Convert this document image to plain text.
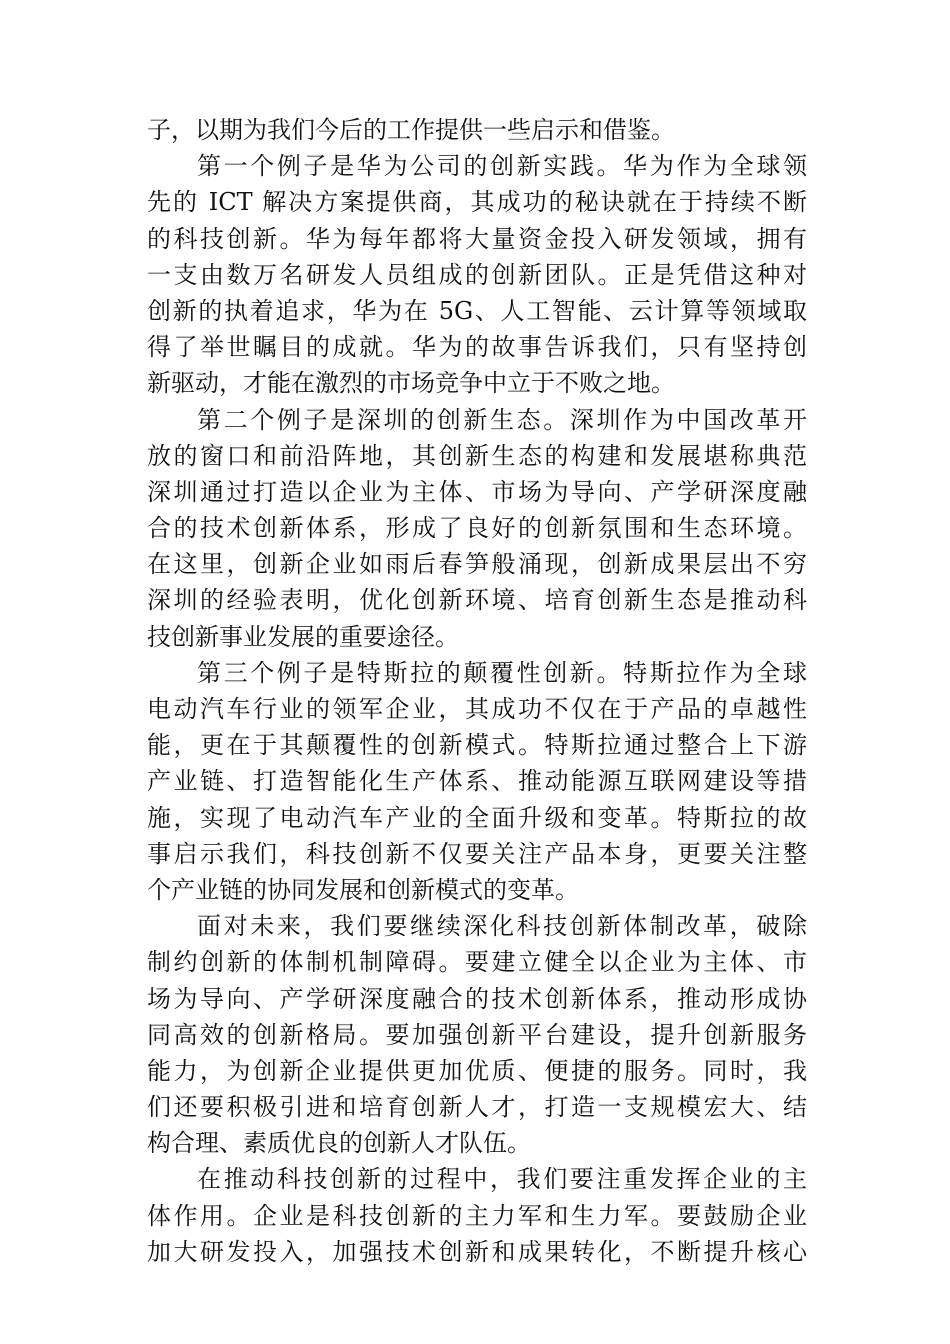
子，以期为我们今后的工作提供一些启示和借鉴。
第一个例子是华为公司的创新实践。华为作为全球领
先的 ICT 解决方案提供商，其成功的秘诀就在于持续不断
的科技创新。华为每年都将大量资金投入研发领域，拥有
一支由数万名研发人员组成的创新团队。正是凭借这种对
创新的执着追求，华为在 5G、人工智能、云计算等领域取
得了举世瞩目的成就。华为的故事告诉我们，只有坚持创
新驱动，才能在激烈的市场竞争中立于不败之地。
第二个例子是深圳的创新生态。深圳作为中国改革开
放的窗口和前沿阵地，其创新生态的构建和发展堪称典范
深圳通过打造以企业为主体、市场为导向、产学研深度融
合的技术创新体系，形成了良好的创新氛围和生态环境。
在这里，创新企业如雨后春笋般涌现，创新成果层出不穷
深圳的经验表明，优化创新环境、培育创新生态是推动科
技创新事业发展的重要途径。
第三个例子是特斯拉的颠覆性创新。特斯拉作为全球
电动汽车行业的领军企业，其成功不仅在于产品的卓越性
能，更在于其颠覆性的创新模式。特斯拉通过整合上下游
产业链、打造智能化生产体系、推动能源互联网建设等措
施，实现了电动汽车产业的全面升级和变革。特斯拉的故
事启示我们，科技创新不仅要关注产品本身，更要关注整
个产业链的协同发展和创新模式的变革。
面对未来，我们要继续深化科技创新体制改革，破除
制约创新的体制机制障碍。要建立健全以企业为主体、市
场为导向、产学研深度融合的技术创新体系，推动形成协
同高效的创新格局。要加强创新平台建设，提升创新服务
能力，为创新企业提供更加优质、便捷的服务。同时，我
们还要积极引进和培育创新人才，打造一支规模宏大、结
构合理、素质优良的创新人才队伍。
在推动科技创新的过程中，我们要注重发挥企业的主
体作用。企业是科技创新的主力军和生力军。要鼓励企业
加大研发投入，加强技术创新和成果转化，不断提升核心
